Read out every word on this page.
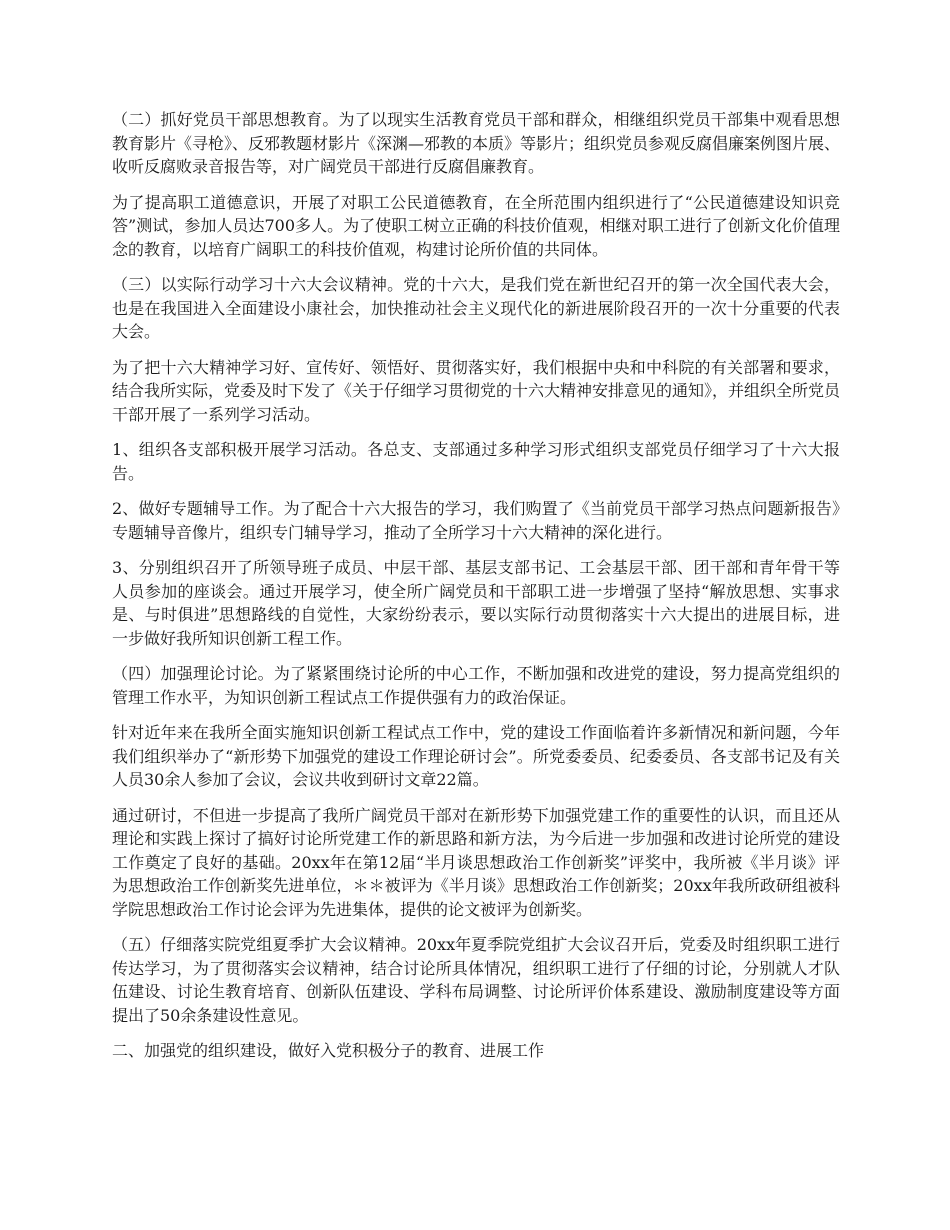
（二）抓好党员干部思想教育。为了以现实生活教育党员干部和群众，相继组织党员干部集中观看思想教育影片《寻枪》、反邪教题材影片《深渊—邪教的本质》等影片；组织党员参观反腐倡廉案例图片展、收听反腐败录音报告等，对广阔党员干部进行反腐倡廉教育。

为了提高职工道德意识，开展了对职工公民道德教育，在全所范围内组织进行了“公民道德建设知识竞答”测试，参加人员达700多人。为了使职工树立正确的科技价值观，相继对职工进行了创新文化价值理念的教育，以培育广阔职工的科技价值观，构建讨论所价值的共同体。

（三）以实际行动学习十六大会议精神。党的十六大，是我们党在新世纪召开的第一次全国代表大会，也是在我国进入全面建设小康社会，加快推动社会主义现代化的新进展阶段召开的一次十分重要的代表大会。

为了把十六大精神学习好、宣传好、领悟好、贯彻落实好，我们根据中央和中科院的有关部署和要求，结合我所实际，党委及时下发了《关于仔细学习贯彻党的十六大精神安排意见的通知》，并组织全所党员干部开展了一系列学习活动。

1、组织各支部积极开展学习活动。各总支、支部通过多种学习形式组织支部党员仔细学习了十六大报告。

2、做好专题辅导工作。为了配合十六大报告的学习，我们购置了《当前党员干部学习热点问题新报告》专题辅导音像片，组织专门辅导学习，推动了全所学习十六大精神的深化进行。

3、分别组织召开了所领导班子成员、中层干部、基层支部书记、工会基层干部、团干部和青年骨干等人员参加的座谈会。通过开展学习，使全所广阔党员和干部职工进一步增强了坚持“解放思想、实事求是、与时俱进”思想路线的自觉性，大家纷纷表示，要以实际行动贯彻落实十六大提出的进展目标，进一步做好我所知识创新工程工作。

（四）加强理论讨论。为了紧紧围绕讨论所的中心工作，不断加强和改进党的建设，努力提高党组织的管理工作水平，为知识创新工程试点工作提供强有力的政治保证。

针对近年来在我所全面实施知识创新工程试点工作中，党的建设工作面临着许多新情况和新问题，今年我们组织举办了“新形势下加强党的建设工作理论研讨会”。所党委委员、纪委委员、各支部书记及有关人员30余人参加了会议，会议共收到研讨文章22篇。

通过研讨，不但进一步提高了我所广阔党员干部对在新形势下加强党建工作的重要性的认识，而且还从理论和实践上探讨了搞好讨论所党建工作的新思路和新方法，为今后进一步加强和改进讨论所党的建设工作奠定了良好的基础。20xx年在第12届“半月谈思想政治工作创新奖”评奖中，我所被《半月谈》评为思想政治工作创新奖先进单位，＊＊被评为《半月谈》思想政治工作创新奖；20xx年我所政研组被科学院思想政治工作讨论会评为先进集体，提供的论文被评为创新奖。

（五）仔细落实院党组夏季扩大会议精神。20xx年夏季院党组扩大会议召开后，党委及时组织职工进行传达学习，为了贯彻落实会议精神，结合讨论所具体情况，组织职工进行了仔细的讨论，分别就人才队伍建设、讨论生教育培育、创新队伍建设、学科布局调整、讨论所评价体系建设、激励制度建设等方面提出了50余条建设性意见。

二、加强党的组织建设，做好入党积极分子的教育、进展工作
